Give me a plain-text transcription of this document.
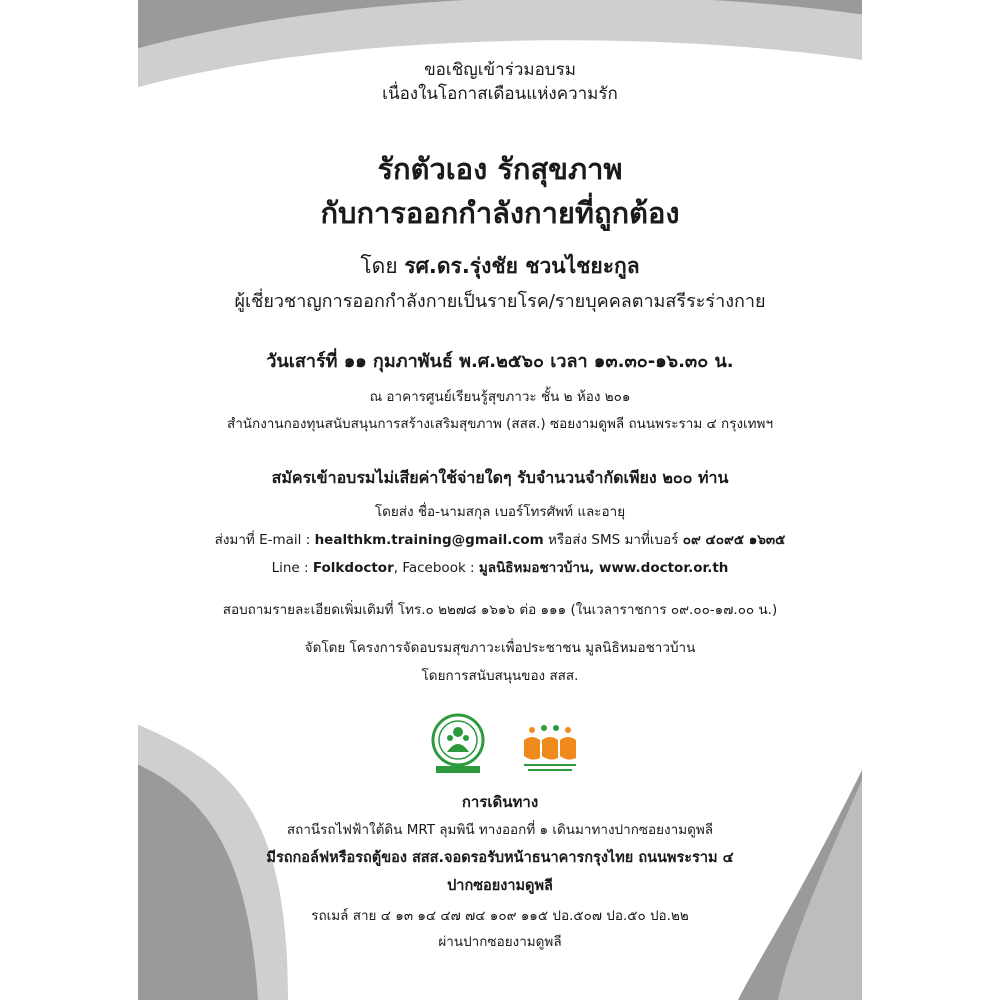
ขอเชิญเข้าร่วมอบรม
เนื่องในโอกาสเดือนแห่งความรัก
รักตัวเอง รักสุขภาพ
กับการออกกำลังกายที่ถูกต้อง
โดย รศ.ดร.รุ่งชัย ชวนไชยะกูล
ผู้เชี่ยวชาญการออกกำลังกายเป็นรายโรค/รายบุคคลตามสรีระร่างกาย
วันเสาร์ที่ ๑๑ กุมภาพันธ์ พ.ศ.๒๕๖๐ เวลา ๑๓.๓๐-๑๖.๓๐ น.
ณ อาคารศูนย์เรียนรู้สุขภาวะ ชั้น ๒ ห้อง ๒๐๑
สำนักงานกองทุนสนับสนุนการสร้างเสริมสุขภาพ (สสส.) ซอยงามดูพลี ถนนพระราม ๔ กรุงเทพฯ
สมัครเข้าอบรมไม่เสียค่าใช้จ่ายใดๆ รับจำนวนจำกัดเพียง ๒๐๐ ท่าน
โดยส่ง ชื่อ-นามสกุล เบอร์โทรศัพท์ และอายุ
ส่งมาที่ E-mail : healthkm.training@gmail.com หรือส่ง SMS มาที่เบอร์ ๐๙ ๔๐๙๕ ๑๖๓๕
Line : Folkdoctor, Facebook : มูลนิธิหมอชาวบ้าน, www.doctor.or.th
สอบถามรายละเอียดเพิ่มเติมที่ โทร.๐ ๒๒๗๘ ๑๖๑๖ ต่อ ๑๑๑ (ในเวลาราชการ ๐๙.๐๐-๑๗.๐๐ น.)
จัดโดย โครงการจัดอบรมสุขภาวะเพื่อประชาชน มูลนิธิหมอชาวบ้าน
โดยการสนับสนุนของ สสส.
การเดินทาง
สถานีรถไฟฟ้าใต้ดิน MRT ลุมพินี ทางออกที่ ๑ เดินมาทางปากซอยงามดูพลี
มีรถกอล์ฟหรือรถตู้ของ สสส.จอดรอรับหน้าธนาคารกรุงไทย ถนนพระราม ๔
ปากซอยงามดูพลี
รถเมล์ สาย ๔ ๑๓ ๑๔ ๔๗ ๗๔ ๑๐๙ ๑๑๕ ปอ.๕๐๗ ปอ.๕๐ ปอ.๒๒
ผ่านปากซอยงามดูพลี
